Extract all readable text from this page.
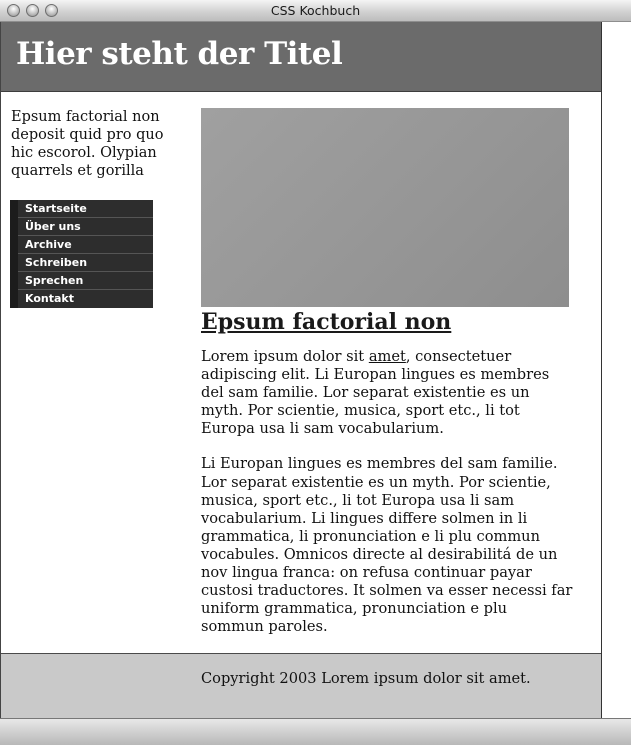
CSS Kochbuch
Hier steht der Titel
Epsum factorial non deposit quid pro quo hic escorol. Olypian quarrels et gorilla
Startseite
Über uns
Archive
Schreiben
Sprechen
Kontakt
Epsum factorial non

Lorem ipsum dolor sit amet, consectetuer adipiscing elit. Li Europan lingues es membres del sam familie. Lor separat existentie es un myth. Por scientie, musica, sport etc., li tot Europa usa li sam vocabularium.

Li Europan lingues es membres del sam familie. Lor separat existentie es un myth. Por scientie, musica, sport etc., li tot Europa usa li sam vocabularium. Li lingues differe solmen in li grammatica, li pronunciation e li plu commun vocabules. Omnicos directe al desirabilitá de un nov lingua franca: on refusa continuar payar custosi traductores. It solmen va esser necessi far uniform grammatica, pronunciation e plu sommun paroles.

Copyright 2003 Lorem ipsum dolor sit amet.
